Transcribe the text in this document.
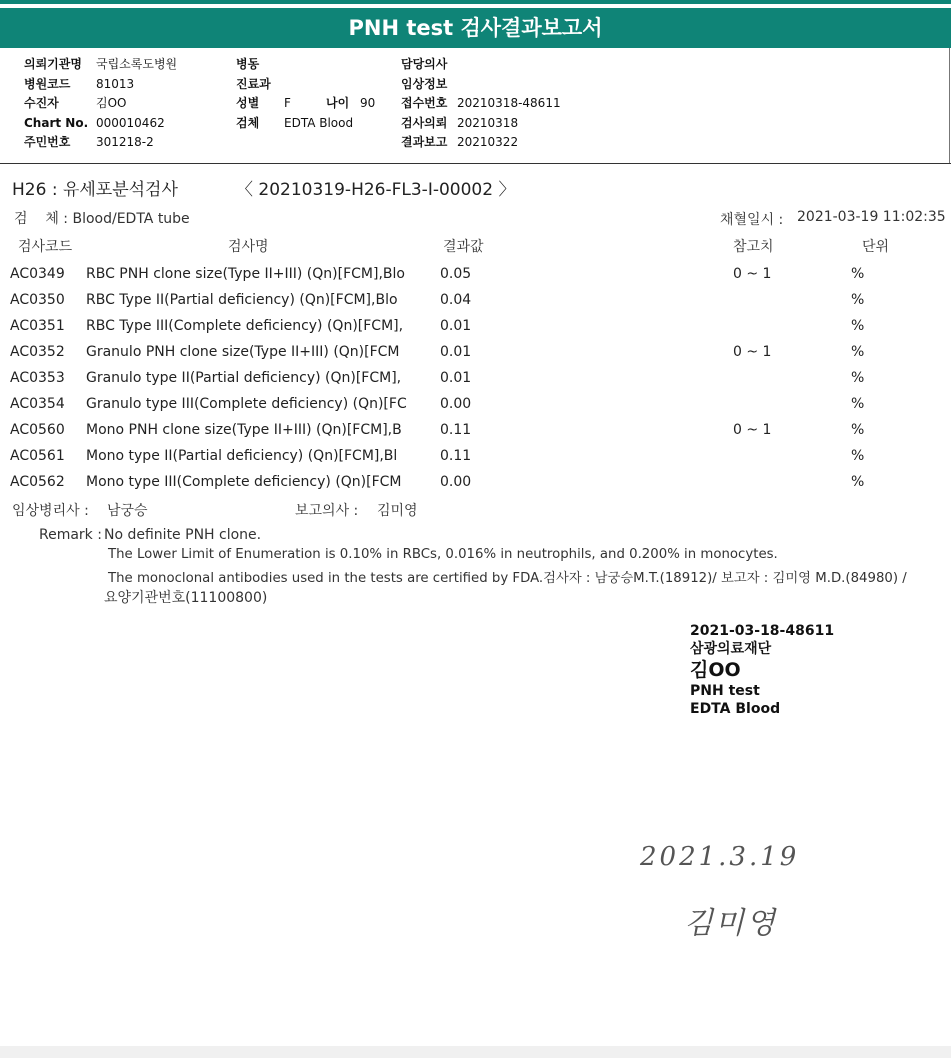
PNH test 검사결과보고서
의뢰기관명 국립소록도병원
병원코드 81013
수진자	김OO
Chart No. 000010462
주민번호 301218-2
병동
진료과
성별 F	나이 90
검체 EDTA Blood
담당의사
임상정보
접수번호 20210318-48611
검사의뢰 20210318
결과보고 20210322
H26 : 유세포분석검사	〈 20210319-H26-FL3-I-00002 〉
검    체 : Blood/EDTA tube	채혈일시 : 2021-03-19 11:02:35
검사코드	검사명	결과값	참고치	단위
AC0349 RBC PNH clone size(Type II+III) (Qn)[FCM],Blo	0.05	0 ~ 1	%
AC0350 RBC Type II(Partial deficiency) (Qn)[FCM],Blo	0.04	%
AC0351 RBC Type III(Complete deficiency) (Qn)[FCM],	0.01	%
AC0352 Granulo PNH clone size(Type II+III) (Qn)[FCM	0.01	0 ~ 1	%
AC0353 Granulo type II(Partial deficiency) (Qn)[FCM],	0.01	%
AC0354 Granulo type III(Complete deficiency) (Qn)[FC 0.00	%
AC0560 Mono PNH clone size(Type II+III) (Qn)[FCM],B	0.11	0 ~ 1	%
AC0561 Mono type II(Partial deficiency) (Qn)[FCM],Bl	0.11	%
AC0562 Mono type III(Complete deficiency) (Qn)[FCM	0.00	%
임상병리사 : 남궁승	보고의사 : 김미영
Remark : No definite PNH clone.
The Lower Limit of Enumeration is 0.10% in RBCs, 0.016% in neutrophils, and 0.200% in monocytes.
The monoclonal antibodies used in the tests are certified by FDA.검사자 : 남궁승M.T.(18912)/ 보고자 : 김미영 M.D.(84980) /
요양기관번호(11100800)
2021-03-18-48611
삼광의료재단
김OO
PNH test
EDTA Blood
2021.3.19
김미영
